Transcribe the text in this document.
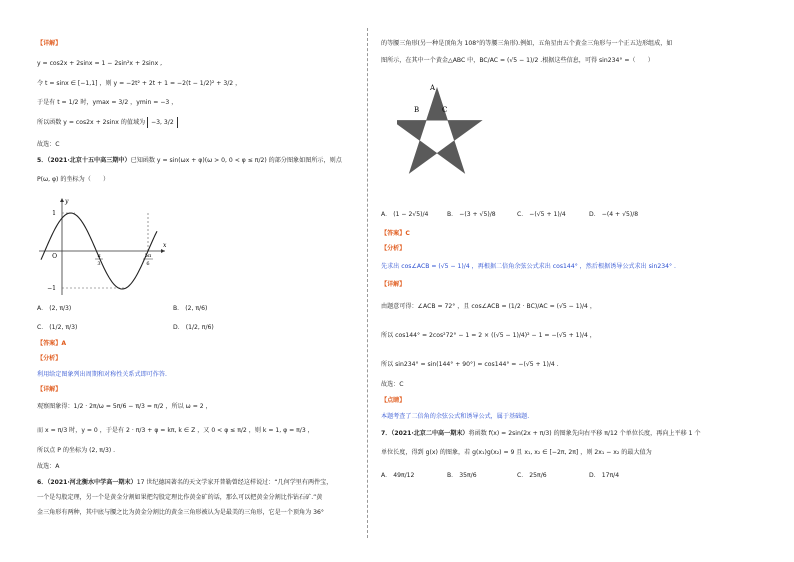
【详解】
y = cos2x + 2sinx = 1 − 2sin²x + 2sinx ,
令 t = sinx ∈ [−1,1] ，则 y = −2t² + 2t + 1 = −2(t − 1/2)² + 3/2 ，
于是有 t = 1/2 时，ymax = 3/2 ，ymin = −3 ，
所以函数 y = cos2x + 2sinx 的值域为 −3, 3/2
故选：C
5．（2021·北京十五中高三期中）已知函数 y = sin(ωx + φ)(ω > 0, 0 < φ ≤ π/2) 的部分图象如图所示，则点
P(ω, φ) 的坐标为（　　）
1
−1
O
x
y
π
3
5π
6
A． (2, π/3)	B． (2, π/6)
C． (1/2, π/3)	D． (1/2, π/6)
【答案】A
【分析】
利用给定图象列出周期和对称性关系式即可作答.
【详解】
观察图象得：1/2 · 2π/ω = 5π/6 − π/3 = π/2 ，所以 ω = 2 ，
而 x = π/3 时，y = 0 ，于是有 2 · π/3 + φ = kπ, k ∈ Z ，又 0 < φ ≤ π/2 ，则 k = 1, φ = π/3 ，
所以点 P 的坐标为 (2, π/3) .
故选：A
6．（2021·河北衡水中学高一期末）17 世纪德国著名的天文学家开普勒曾经这样说过：“几何学里有两件宝，
一个是勾股定理，另一个是黄金分割如果把勾股定理比作黄金矿的话，那么可以把黄金分割比作钻石矿.”黄
金三角形有两种，其中底与腰之比为黄金分割比的黄金三角形被认为是最美的三角形，它是一个顶角为 36°
的等腰三角形(另一种是顶角为 108°的等腰三角形).例如，五角星由五个黄金三角形与一个正五边形组成，如
图所示，在其中一个黄金△ABC 中，BC/AC = (√5 − 1)/2 .根据这些信息，可得 sin234° =（　　）
A
B	C
A． (1 − 2√5)/4	B． −(3 + √5)/8	C． −(√5 + 1)/4	D． −(4 + √5)/8
【答案】C
【分析】
先求出 cos∠ACB = (√5 − 1)/4 ，再根据二倍角余弦公式求出 cos144° ，然后根据诱导公式求出 sin234° .
【详解】
由题意可得：∠ACB = 72° ，且 cos∠ACB = (1/2 · BC)/AC = (√5 − 1)/4 ，
所以 cos144° = 2cos²72° − 1 = 2 × ((√5 − 1)/4)² − 1 = −(√5 + 1)/4 ，
所以 sin234° = sin(144° + 90°) = cos144° = −(√5 + 1)/4 .
故选：C
【点睛】
本题考查了二倍角的余弦公式和诱导公式，属于基础题.
7．（2021·北京二中高一期末）将函数 f(x) = 2sin(2x + π/3) 的图象先向右平移 π/12 个单位长度，再向上平移 1 个
单位长度，得到 g(x) 的图象，若 g(x₁)g(x₂) = 9 且 x₁, x₂ ∈ [−2π, 2π] ，则 2x₁ − x₂ 的最大值为
A． 49π/12	B． 35π/6	C． 25π/6	D． 17π/4
